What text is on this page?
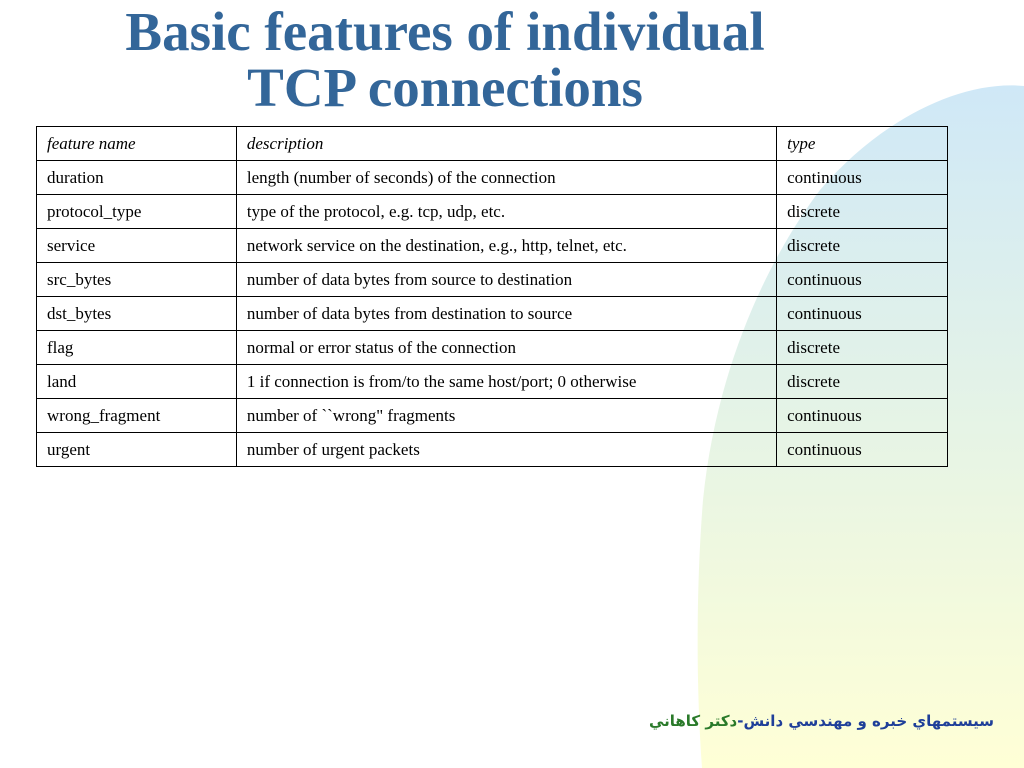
Basic features of individual
TCP connections
feature name	description	type
duration	length (number of seconds) of the connection	continuous
protocol_type	type of the protocol, e.g. tcp, udp, etc.	discrete
service	network service on the destination, e.g., http, telnet, etc.	discrete
src_bytes	number of data bytes from source to destination	continuous
dst_bytes	number of data bytes from destination to source	continuous
flag	normal or error status of the connection	discrete
land	1 if connection is from/to the same host/port; 0 otherwise	discrete
wrong_fragment	number of ``wrong" fragments	continuous
urgent	number of urgent packets	continuous
سيستمهاي خبره و مهندسي دانش-دكتر كاهاني
